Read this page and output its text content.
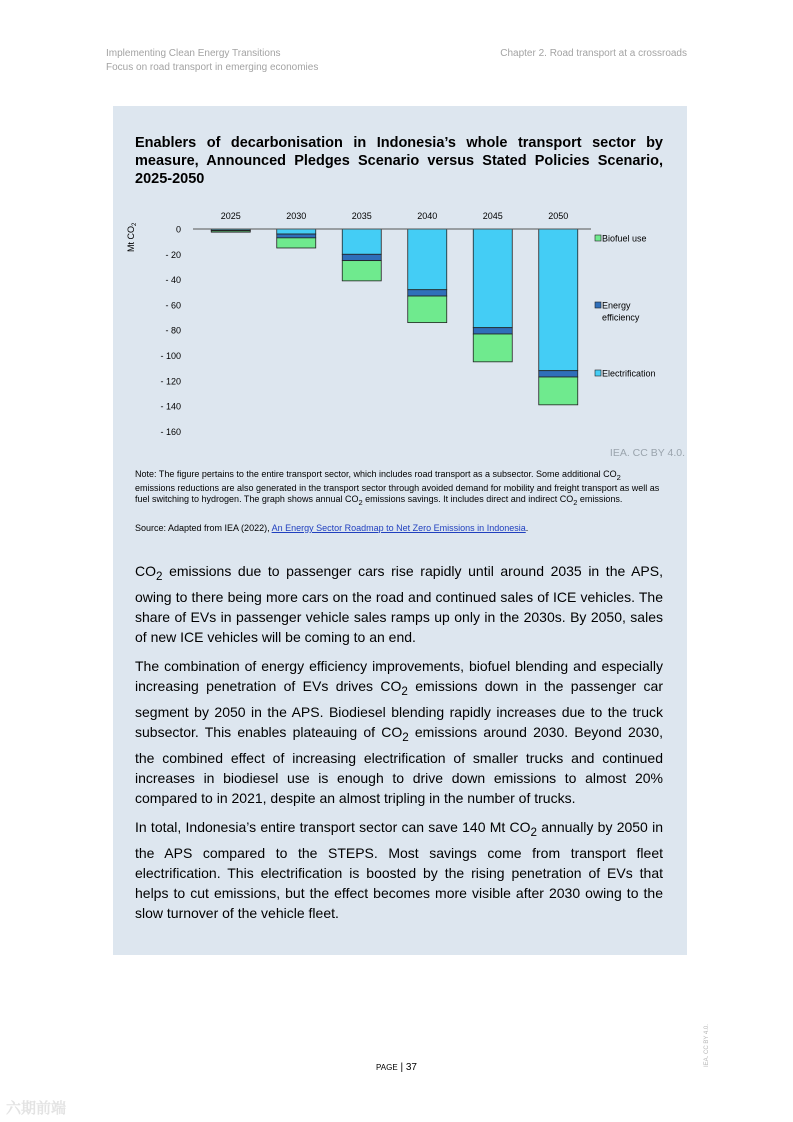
Implementing Clean Energy Transitions
Focus on road transport in emerging economies
Chapter 2. Road transport at a crossroads
Enablers of decarbonisation in Indonesia’s whole transport sector by measure, Announced Pledges Scenario versus Stated Policies Scenario, 2025-2050
Mt $CO_2$
0
- 20
- 40
- 60
- 80
- 100
- 120
- 140
- 160
2025	2030	2035	2040	2045	2050
Biofuel use
Energy
efficiency
Electrification
IEA. CC BY 4.0.
Note: The figure pertains to the entire transport sector, which includes road transport as a subsector. Some additional $CO_2$ emissions reductions are also generated in the transport sector through avoided demand for mobility and freight transport as well as fuel switching to hydrogen. The graph shows annual $CO_2$ emissions savings. It includes direct and indirect $CO_2$ emissions.
Source: Adapted from IEA (2022), An Energy Sector Roadmap to Net Zero Emissions in Indonesia.

$CO_2$ emissions due to passenger cars rise rapidly until around 2035 in the APS, owing to there being more cars on the road and continued sales of ICE vehicles. The share of EVs in passenger vehicle sales ramps up only in the 2030s. By 2050, sales of new ICE vehicles will be coming to an end.

The combination of energy efficiency improvements, biofuel blending and especially increasing penetration of EVs drives $CO_2$ emissions down in the passenger car segment by 2050 in the APS. Biodiesel blending rapidly increases due to the truck subsector. This enables plateauing of $CO_2$ emissions around 2030. Beyond 2030, the combined effect of increasing electrification of smaller trucks and continued increases in biodiesel use is enough to drive down emissions to almost 20% compared to in 2021, despite an almost tripling in the number of trucks.

In total, Indonesia’s entire transport sector can save 140 Mt $CO_2$ annually by 2050 in the APS compared to the STEPS. Most savings come from transport fleet electrification. This electrification is boosted by the rising penetration of EVs that helps to cut emissions, but the effect becomes more visible after 2030 owing to the slow turnover of the vehicle fleet.

PAGE | 37
IEA. CC BY 4.0.
六期前端
